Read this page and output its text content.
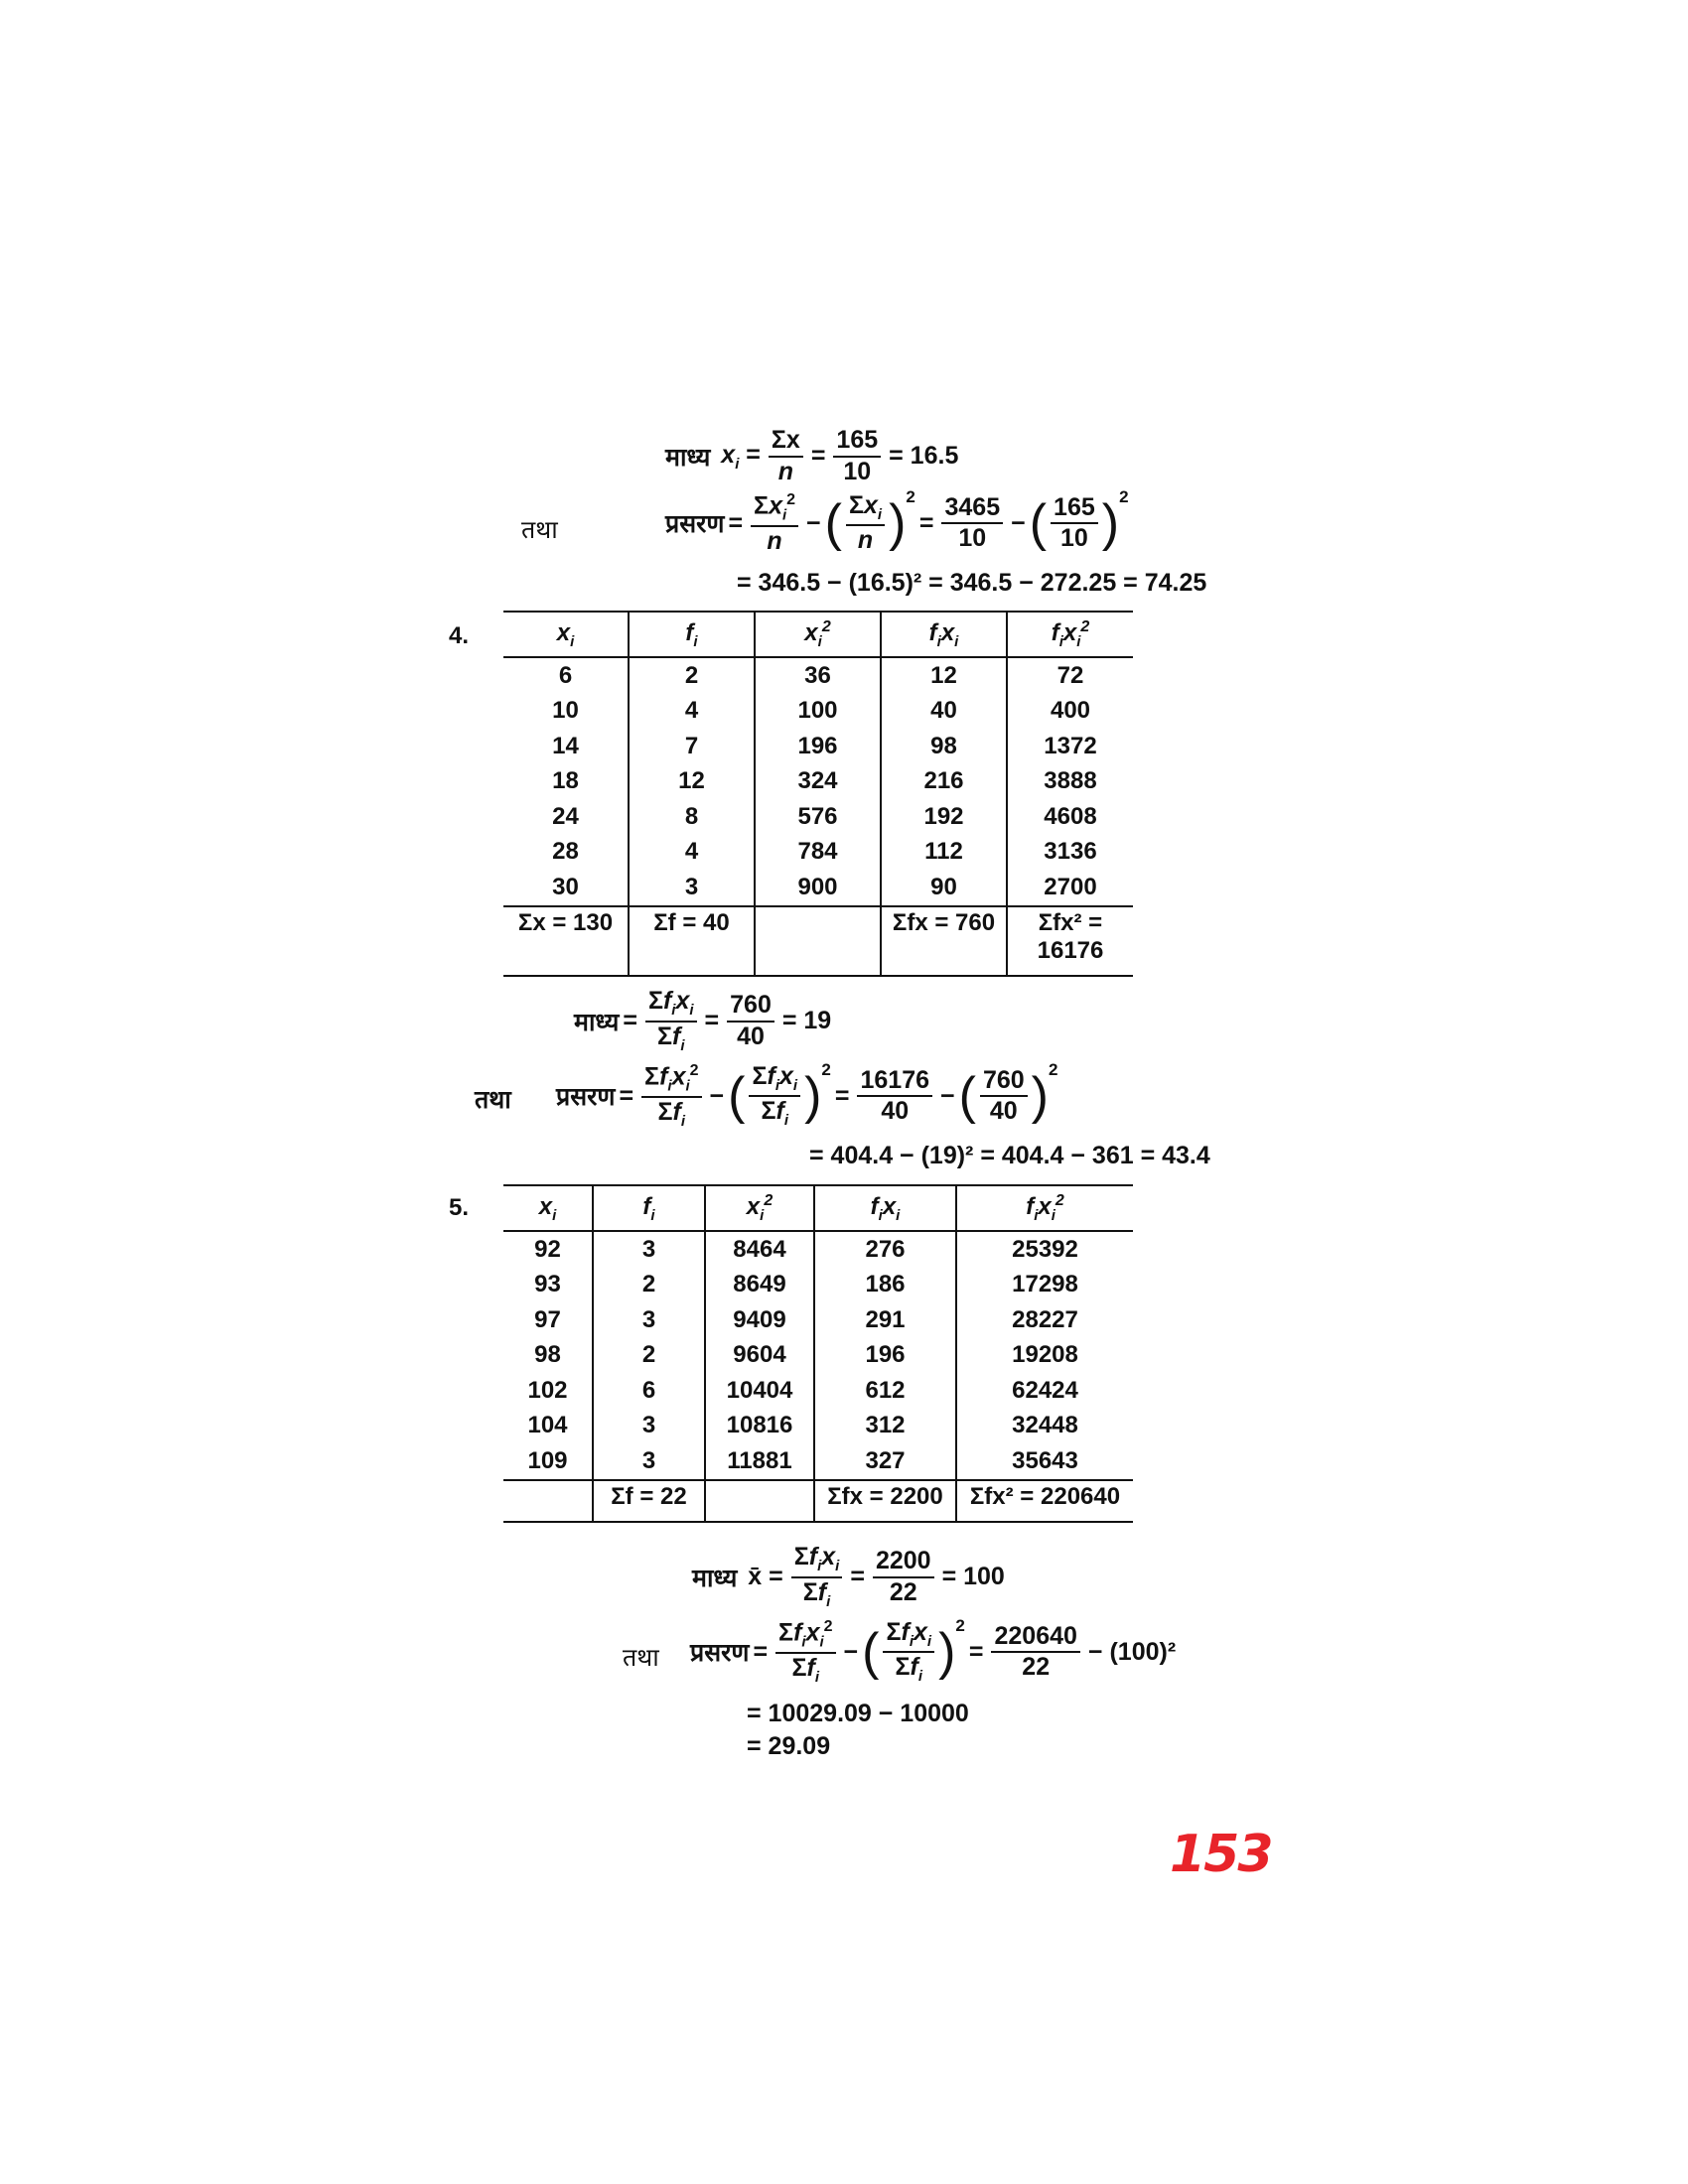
माध्य $x_i = \frac{\Sigma x}{n} = \frac{165}{10} = 16.5$
तथा	प्रसरण = $\frac{\Sigma x_i^2}{n}$ − ( $\frac{\Sigma x_i}{n} )^2$
= $\frac{3465}{10}$ − ( $\frac{165}{10} )^2$
= 346.5 − (16.5)² = 346.5 − 272.25 = 74.25
4.	$x_i$	$f_i$	$x_i^2$	$f_ix_i$	$f_ix_i^2$
6	2	36	12	72
10	4	100	40	400
14	7	196	98	1372
18	12	324	216	3888
24	8	576	192	4608
28	4	784	112	3136
30	3	900	90	2700
Σx = 130	Σf = 40		Σfx = 760	Σfx² =
16176
माध्य = $\frac{\Sigma f_ix_i}{\Sigma f_i} = \frac{760}{40} = 19$
तथा प्रसरण = $\frac{\Sigma f_ix_i^2}{\Sigma f_i}$ − ( $\frac{\Sigma f_ix_i}{\Sigma f_i} )^2$
= $\frac{16176}{40}$ − ( $\frac{760}{40} )^2$
= 404.4 − (19)² = 404.4 − 361 = 43.4
5.	$x_i$	$f_i$	$x_i^2$	$f_ix_i$	$f_ix_i^2$
92	3	8464	276	25392
93	2	8649	186	17298
97	3	9409	291	28227
98	2	9604	196	19208
102	6	10404	612	62424
104	3	10816	312	32448
109	3	11881	327	35643
	Σf = 22		Σfx = 2200	Σfx² = 220640
माध्य x̄ = $\frac{\Sigma f_ix_i}{\Sigma f_i} = \frac{2200}{22} = 100$
तथा प्रसरण = $\frac{\Sigma f_ix_i^2}{\Sigma f_i}$ − ( $\frac{\Sigma f_ix_i}{\Sigma f_i} )^2$
= $\frac{220640}{22} - (100)^2$
= 10029.09 − 10000
= 29.09
153
